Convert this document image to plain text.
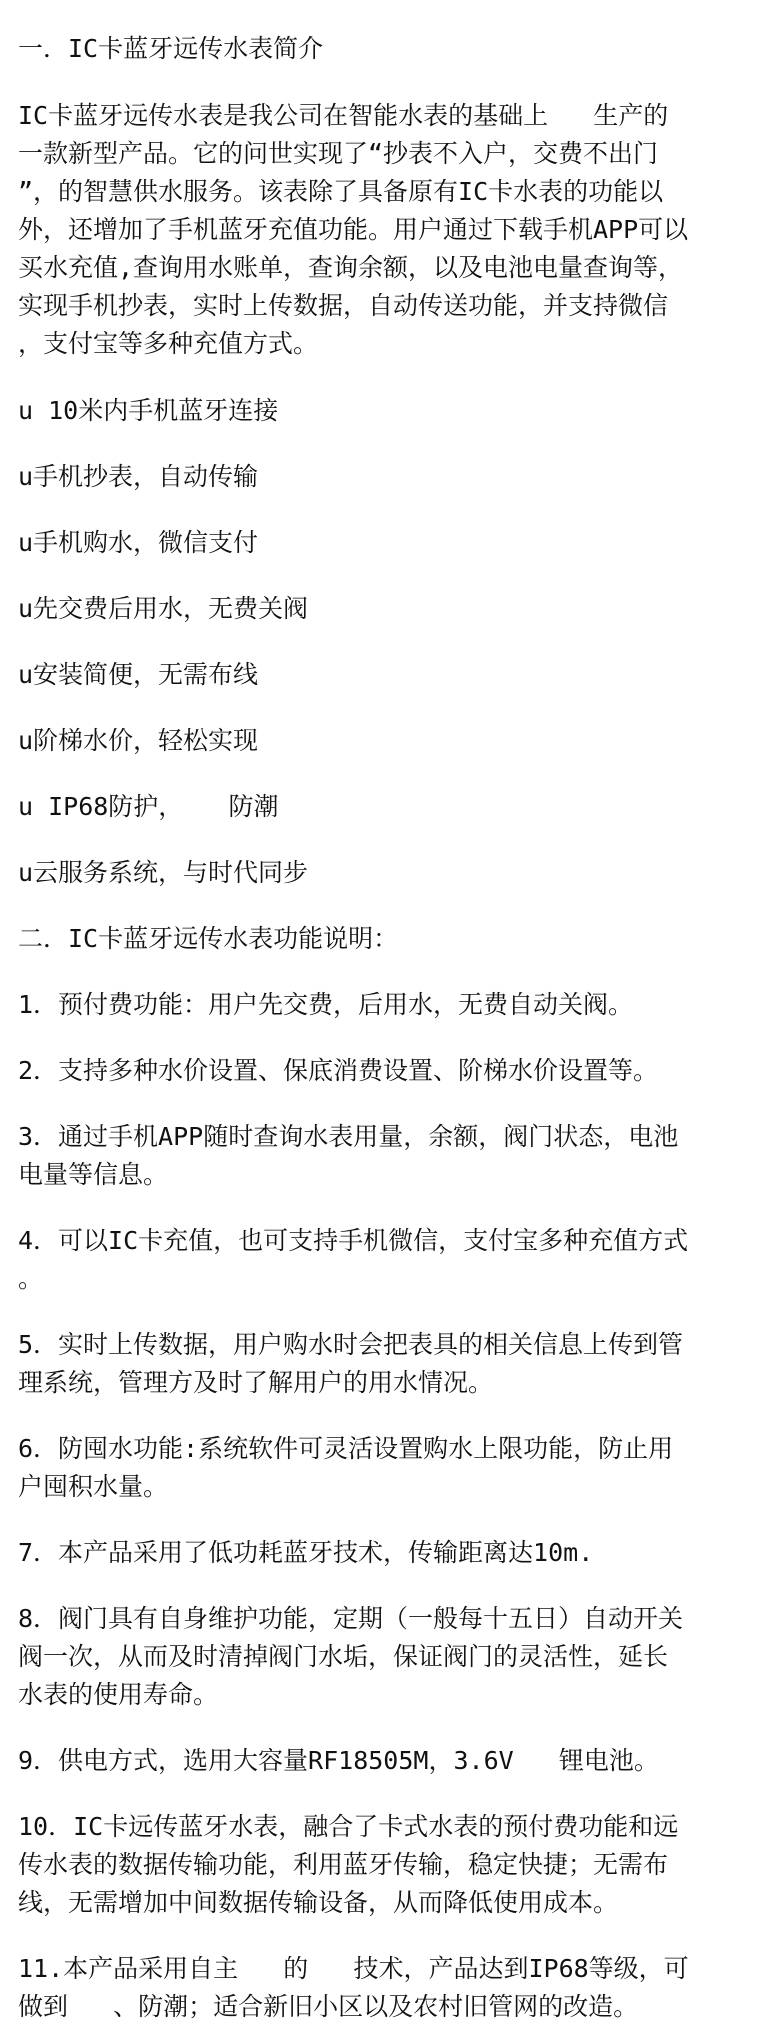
一．IC卡蓝牙远传水表简介

IC卡蓝牙远传水表是我公司在智能水表的基础上   生产的

一款新型产品。它的问世实现了“抄表不入户，交费不出门

”，的智慧供水服务。该表除了具备原有IC卡水表的功能以

外，还增加了手机蓝牙充值功能。用户通过下载手机APP可以

买水充值,查询用水账单，查询余额，以及电池电量查询等，

实现手机抄表，实时上传数据，自动传送功能，并支持微信

，支付宝等多种充值方式。

u 10米内手机蓝牙连接

u手机抄表，自动传输

u手机购水，微信支付

u先交费后用水，无费关阀

u安装简便，无需布线

u阶梯水价，轻松实现

u IP68防护，   防潮

u云服务系统，与时代同步

二．IC卡蓝牙远传水表功能说明：

1．预付费功能：用户先交费，后用水，无费自动关阀。

2．支持多种水价设置、保底消费设置、阶梯水价设置等。

3．通过手机APP随时查询水表用量，余额，阀门状态，电池

电量等信息。

4．可以IC卡充值，也可支持手机微信，支付宝多种充值方式

。

5．实时上传数据，用户购水时会把表具的相关信息上传到管

理系统，管理方及时了解用户的用水情况。

6．防囤水功能:系统软件可灵活设置购水上限功能，防止用

户囤积水量。

7．本产品采用了低功耗蓝牙技术，传输距离达10m.

8．阀门具有自身维护功能，定期（一般每十五日）自动开关

阀一次，从而及时清掉阀门水垢，保证阀门的灵活性，延长

水表的使用寿命。

9．供电方式，选用大容量RF18505M，3.6V   锂电池。

10．IC卡远传蓝牙水表，融合了卡式水表的预付费功能和远

传水表的数据传输功能，利用蓝牙传输，稳定快捷；无需布

线，无需增加中间数据传输设备，从而降低使用成本。

11.本产品采用自主   的   技术，产品达到IP68等级，可

做到   、防潮；适合新旧小区以及农村旧管网的改造。
